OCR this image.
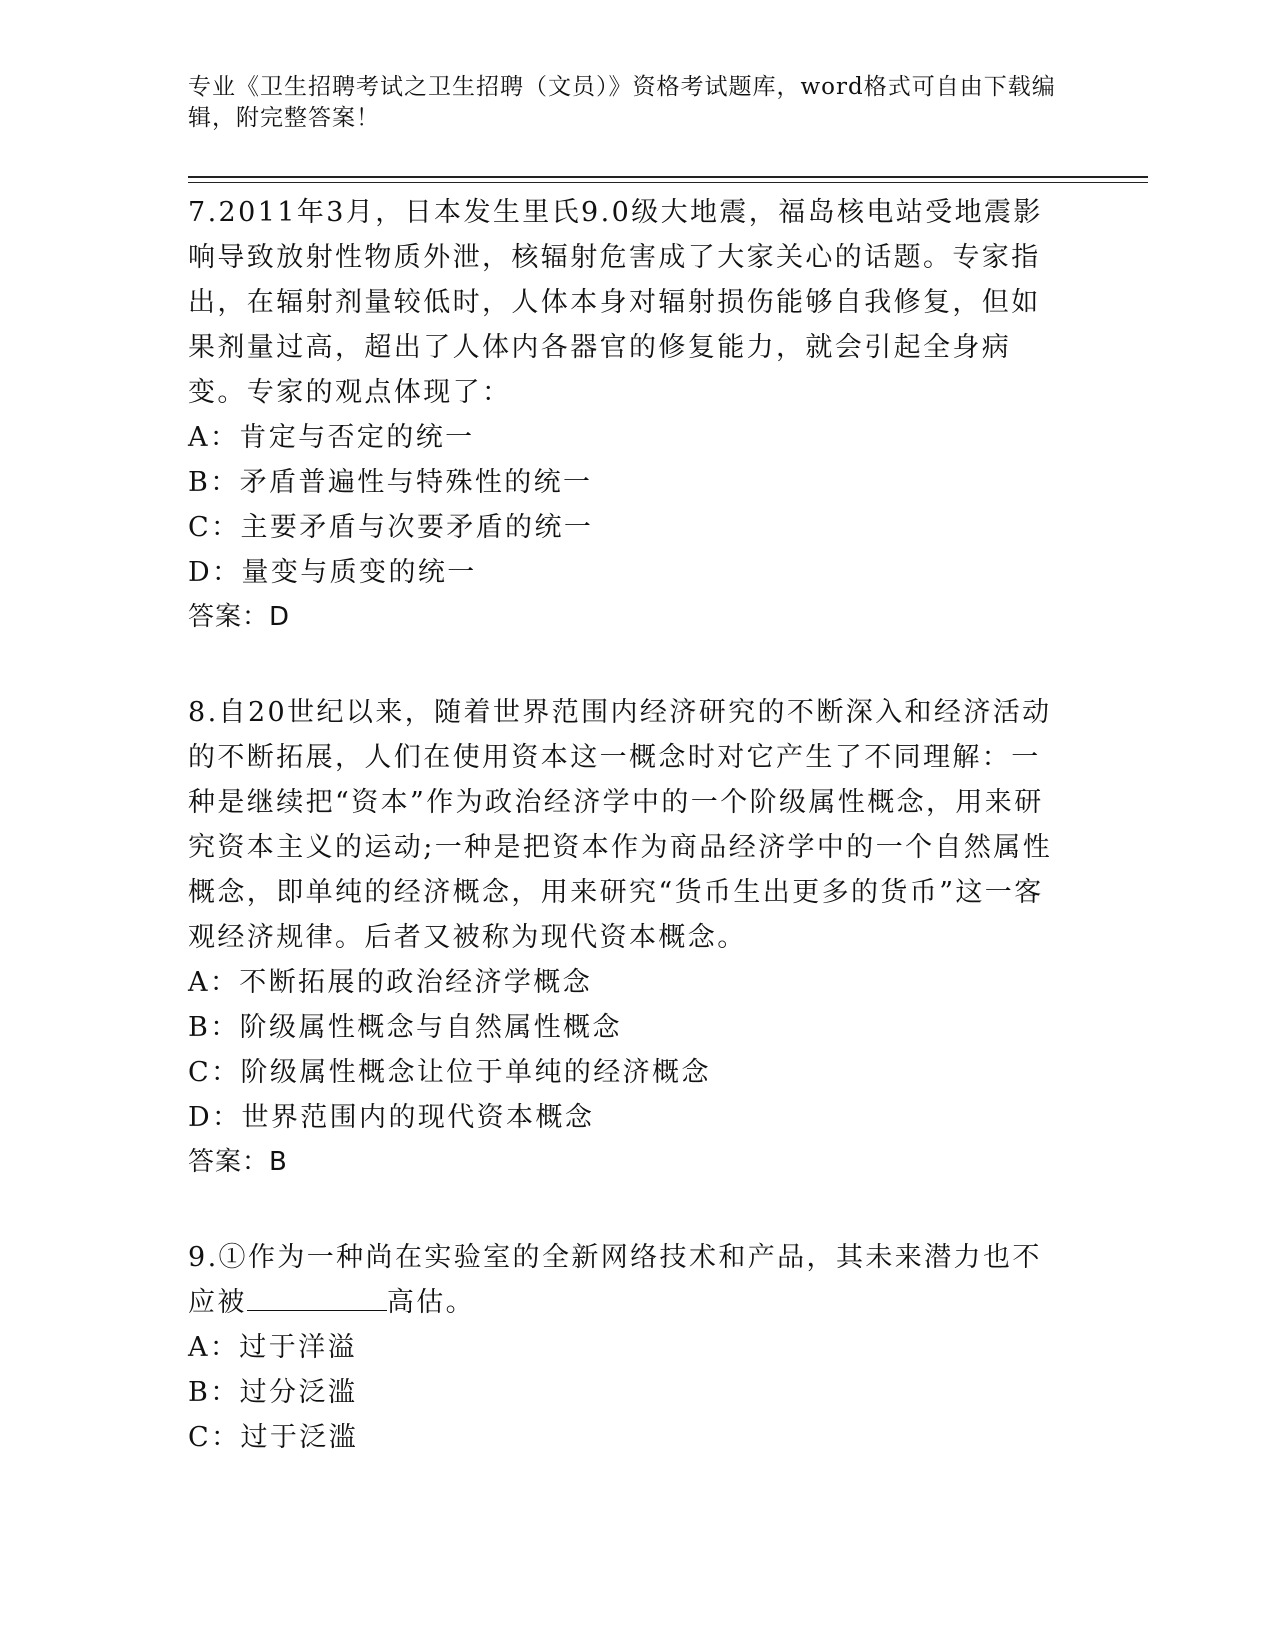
专业《卫生招聘考试之卫生招聘（文员）》资格考试题库，word格式可自由下载编辑，附完整答案！

7.2011年3月，日本发生里氏9.0级大地震，福岛核电站受地震影响导致放射性物质外泄，核辐射危害成了大家关心的话题。专家指出，在辐射剂量较低时，人体本身对辐射损伤能够自我修复，但如果剂量过高，超出了人体内各器官的修复能力，就会引起全身病变。专家的观点体现了：

A：肯定与否定的统一

B：矛盾普遍性与特殊性的统一

C：主要矛盾与次要矛盾的统一

D：量变与质变的统一

答案：D

8.自20世纪以来，随着世界范围内经济研究的不断深入和经济活动的不断拓展，人们在使用资本这一概念时对它产生了不同理解：一种是继续把“资本”作为政治经济学中的一个阶级属性概念，用来研究资本主义的运动;一种是把资本作为商品经济学中的一个自然属性概念，即单纯的经济概念，用来研究“货币生出更多的货币”这一客观经济规律。后者又被称为现代资本概念。

A：不断拓展的政治经济学概念

B：阶级属性概念与自然属性概念

C：阶级属性概念让位于单纯的经济概念

D：世界范围内的现代资本概念

答案：B

9.①作为一种尚在实验室的全新网络技术和产品，其未来潜力也不应被	高估。

A：过于洋溢

B：过分泛滥

C：过于泛滥
